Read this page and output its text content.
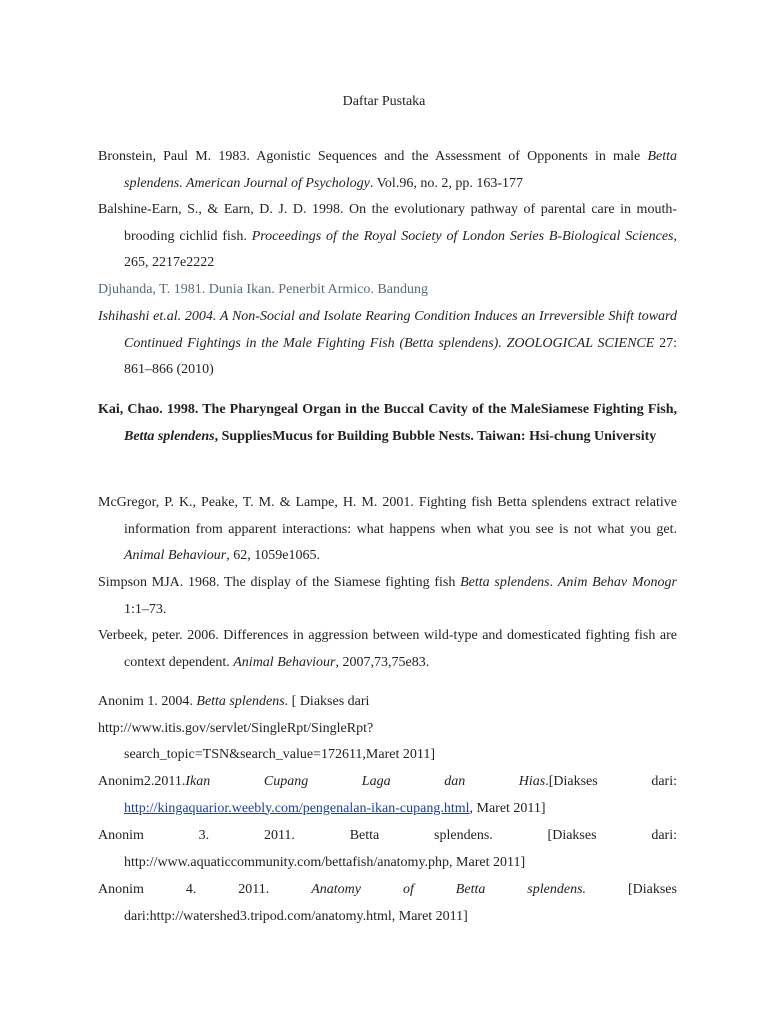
Daftar Pustaka
Bronstein, Paul M. 1983. Agonistic Sequences and the Assessment of Opponents in male Betta splendens. American Journal of Psychology. Vol.96, no. 2, pp. 163-177
Balshine-Earn, S., & Earn, D. J. D. 1998. On the evolutionary pathway of parental care in mouth-brooding cichlid fish. Proceedings of the Royal Society of London Series B-Biological Sciences, 265, 2217e2222
Djuhanda, T. 1981. Dunia Ikan. Penerbit Armico. Bandung
Ishihashi et.al. 2004. A Non-Social and Isolate Rearing Condition Induces an Irreversible Shift toward Continued Fightings in the Male Fighting Fish (Betta splendens). ZOOLOGICAL SCIENCE 27: 861–866 (2010)
Kai, Chao. 1998. The Pharyngeal Organ in the Buccal Cavity of the MaleSiamese Fighting Fish, Betta splendens, SuppliesMucus for Building Bubble Nests. Taiwan: Hsi-chung University
McGregor, P. K., Peake, T. M. & Lampe, H. M. 2001. Fighting fish Betta splendens extract relative information from apparent interactions: what happens when what you see is not what you get. Animal Behaviour, 62, 1059e1065.
Simpson MJA. 1968. The display of the Siamese fighting fish Betta splendens. Anim Behav Monogr 1:1–73.
Verbeek, peter. 2006. Differences in aggression between wild-type and domesticated fighting fish are context dependent. Animal Behaviour, 2007,73,75e83.
Anonim 1. 2004. Betta splendens. [ Diakses dari
http://www.itis.gov/servlet/SingleRpt/SingleRpt?
search_topic=TSN&search_value=172611,Maret 2011]
Anonim2.2011.Ikan	Cupang	Laga	dan	Hias.[Diakses	dari:
http://kingaquarior.weebly.com/pengenalan-ikan-cupang.html, Maret 2011]
Anonim	3.	2011.	Betta	splendens.	[Diakses	dari:
http://www.aquaticcommunity.com/bettafish/anatomy.php, Maret 2011]
Anonim	4.	2011.	Anatomy	of	Betta	splendens.	[Diakses
dari:http://watershed3.tripod.com/anatomy.html, Maret 2011]
